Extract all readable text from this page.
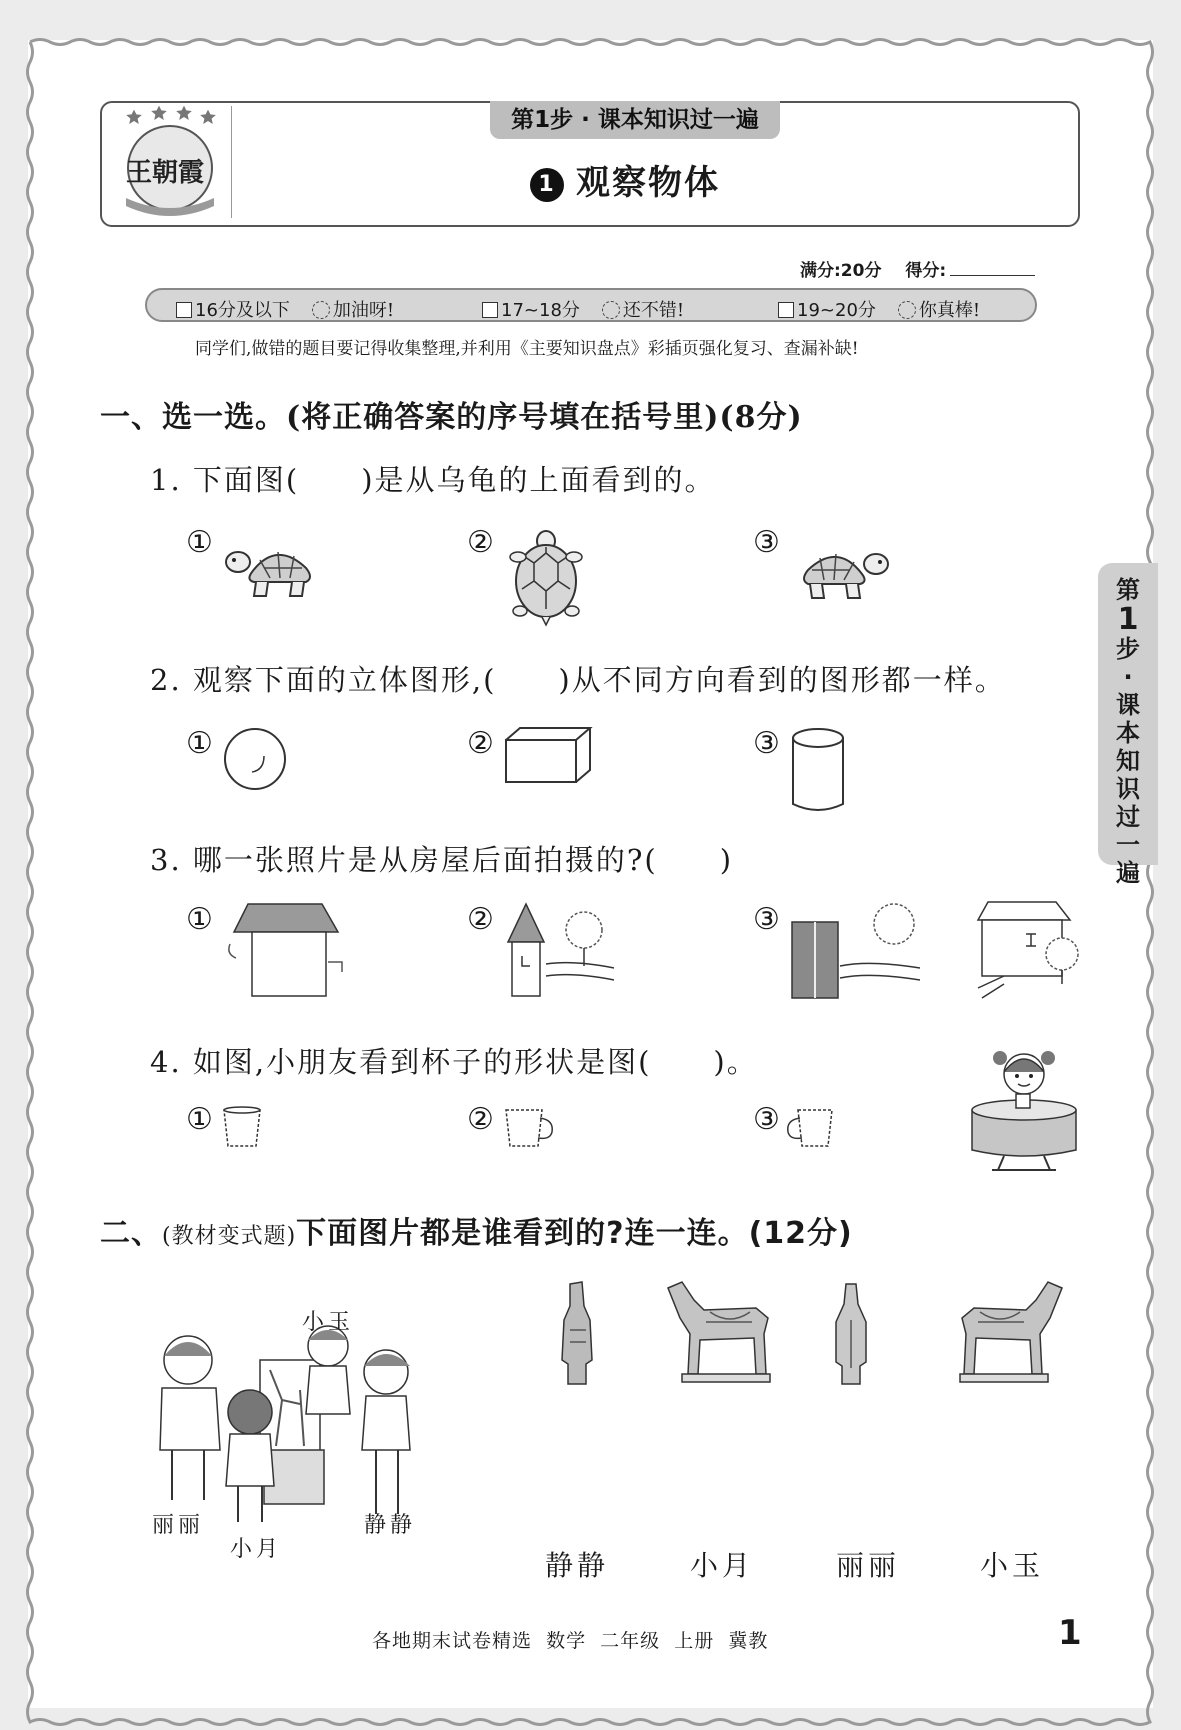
王朝霞
第1步 · 课本知识过一遍
1 观察物体
满分:20分 得分:
16分及以下 加油呀!	17~18分 还不错!	19~20分 你真棒!
同学们,做错的题目要记得收集整理,并利用《主要知识盘点》彩插页强化复习、查漏补缺!
一、选一选。(将正确答案的序号填在括号里)(8分)
1. 下面图( )是从乌龟的上面看到的。
①	②	③
2. 观察下面的立体图形,( )从不同方向看到的图形都一样。
①	②	③
3. 哪一张照片是从房屋后面拍摄的?( )
①	②	③
4. 如图,小朋友看到杯子的形状是图( )。
①	②	③
二、(教材变式题)下面图片都是谁看到的?连一连。(12分)
小玉
丽丽
小月
静静
静静	小月	丽丽	小玉
第
1
步·课本知识过一遍
各地期末试卷精选  数学  二年级  上册  冀教	1
